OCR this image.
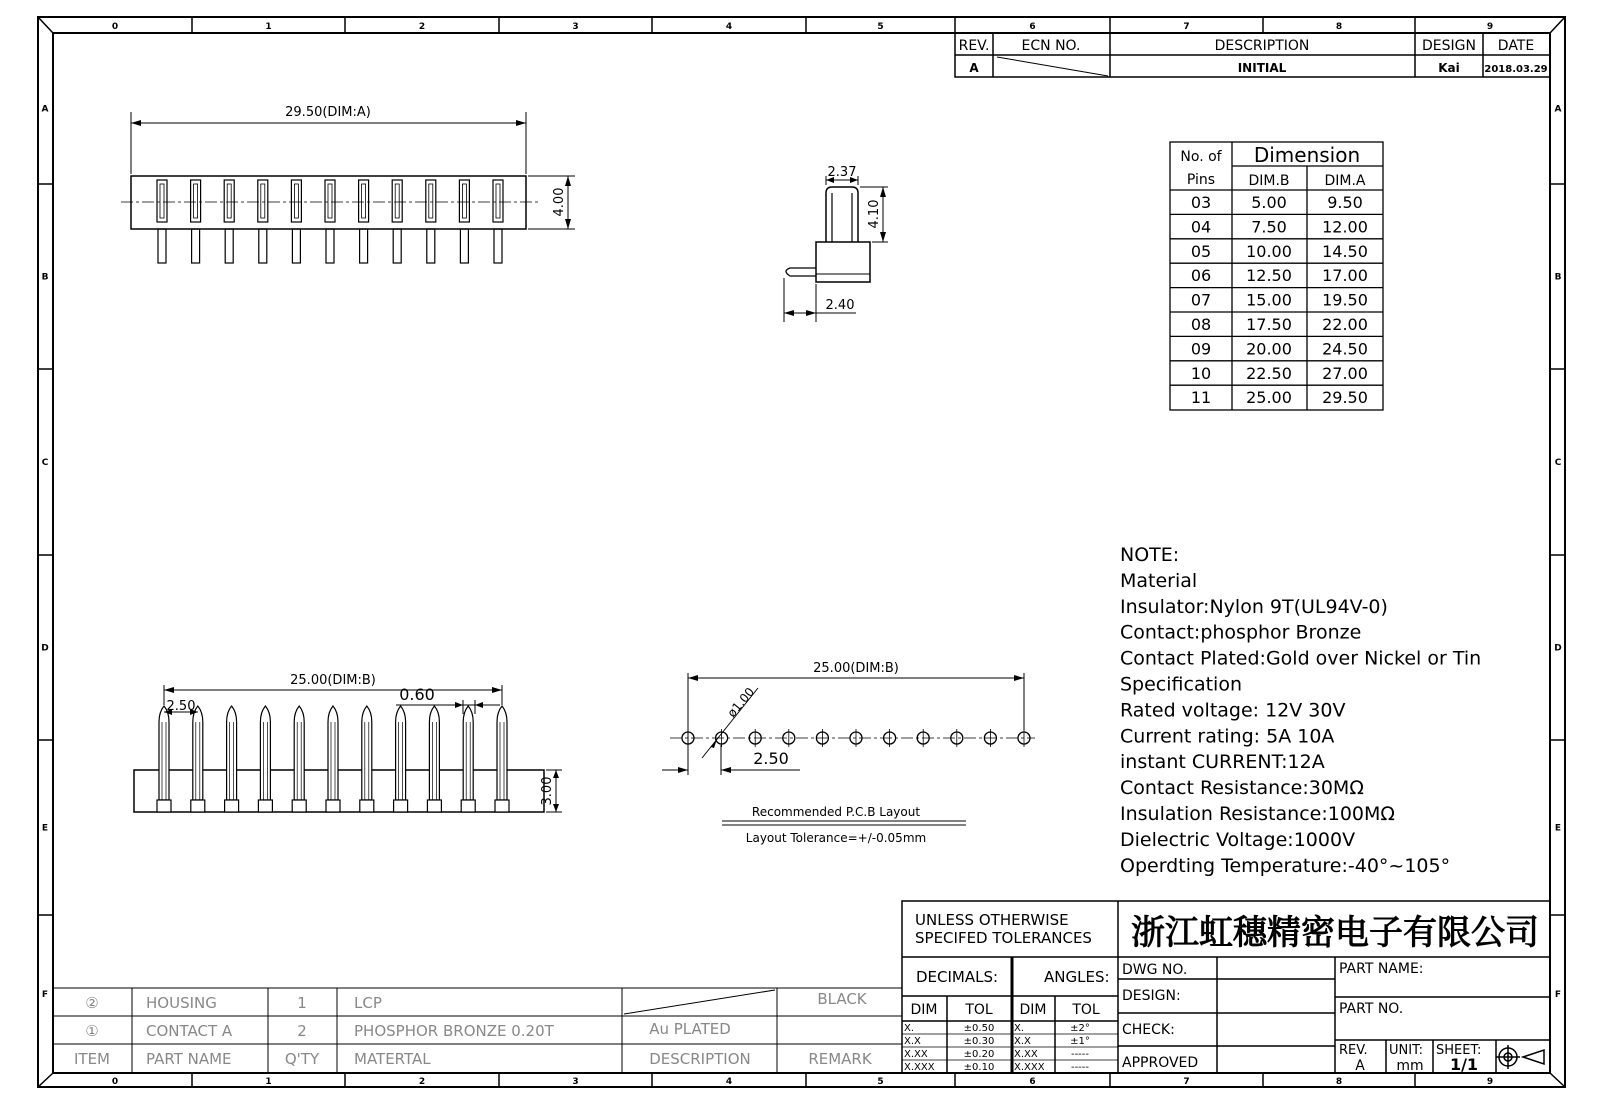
0
0
1
1
2
2
3
3
4
4
5
5
6
6
7
7
8
8
9
9
A	A
B	B
C	C
D	D
E	E
F	F
REV. ECN NO.	DESCRIPTION	DESIGN DATE
A	INITIAL	Kai 2018.03.29
29.50(DIM:A)
4.00
2.37
4.10
2.40
No. of
Pins
Dimension
DIM.B DIM.A
03	5.00	9.50
04	7.50 12.00
05 10.00 14.50
06 12.50 17.00
07 15.00 19.50
08 17.50 22.00
09 20.00 24.50
10 22.50 27.00
11 25.00 29.50
25.00(DIM:B)
2.50
0.60
3.00
25.00(DIM:B)
2.50
ø1.00
Recommended P.C.B Layout
Layout Tolerance=+/-0.05mm
NOTE:
Material
Insulator:Nylon 9T(UL94V-0)
Contact:phosphor Bronze
Contact Plated:Gold over Nickel or Tin
Specification
Rated voltage: 12V 30V
Current rating: 5A 10A
instant CURRENT:12A
Contact Resistance:30MΩ
Insulation Resistance:100MΩ
Dielectric Voltage:1000V
Operdting Temperature:-40°~105°
UNLESS OTHERWISE
SPECIFED TOLERANCES
DECIMALS:	ANGLES:
DIM TOL DIM TOL
X.	±0.50 X.	±2°
X.X	±0.30 X.X	±1°
X.XX	±0.20 X.XX	-----
X.XXX	±0.10 X.XXX	-----
浙江虹穗精密电子有限公司
DWG NO.
DESIGN:
CHECK:
APPROVED
PART NAME:
PART NO.
REV.
A
UNIT:
mm
SHEET:
1/1
②	HOUSING	1	LCP	BLACK
①	CONTACT A	2	PHOSPHOR BRONZE 0.20T	Au PLATED
ITEM PART NAME	Q'TY MATERTAL	DESCRIPTION	REMARK
